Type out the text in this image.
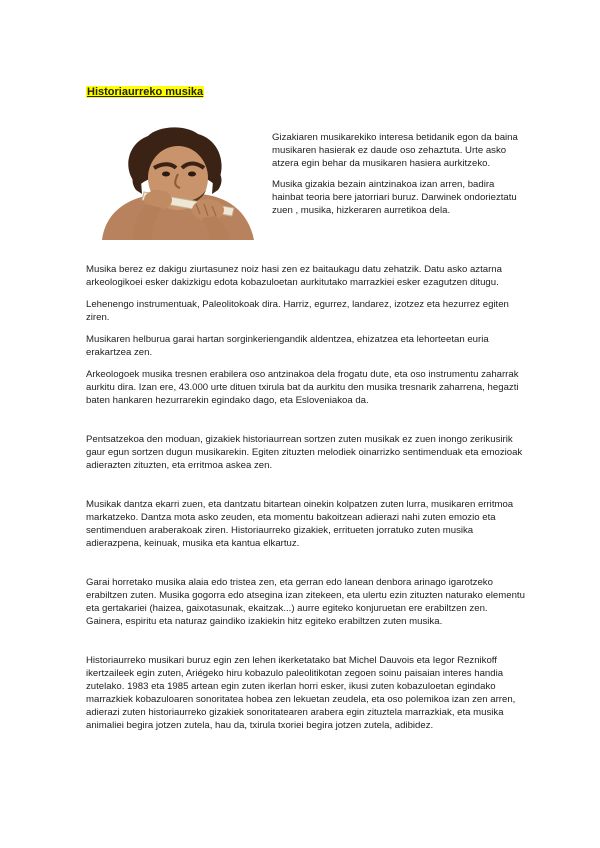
Historiaurreko musika

Gizakiaren musikarekiko interesa betidanik egon da baina musikaren hasierak ez daude oso zehaztuta. Urte asko atzera egin behar da musikaren hasiera aurkitzeko.

Musika gizakia bezain aintzinakoa izan arren, badira hainbat teoria bere jatorriari buruz. Darwinek ondorieztatu zuen , musika, hizkeraren aurretikoa dela.

Musika berez ez dakigu ziurtasunez noiz hasi zen ez baitaukagu datu zehatzik. Datu asko aztarna arkeologikoei esker dakizkigu edota kobazuloetan aurkitutako marrazkiei esker ezagutzen ditugu.

Lehenengo instrumentuak, Paleolitokoak dira. Harriz, egurrez, landarez, izotzez eta hezurrez egiten ziren.

Musikaren helburua garai hartan sorginkeriengandik aldentzea, ehizatzea eta lehorteetan euria erakartzea zen.

Arkeologoek musika tresnen erabilera oso antzinakoa dela frogatu dute, eta oso instrumentu zaharrak aurkitu dira. Izan ere, 43.000 urte dituen txirula bat da aurkitu den musika tresnarik zaharrena, hegazti baten hankaren hezurrarekin egindako dago, eta Esloveniakoa da.

Pentsatzekoa den moduan, gizakiek historiaurrean sortzen zuten musikak ez zuen inongo zerikusirik gaur egun sortzen dugun musikarekin. Egiten zituzten melodiek oinarrizko sentimenduak eta emozioak adierazten zituzten, eta erritmoa askea zen.

Musikak dantza ekarri zuen, eta dantzatu bitartean oinekin kolpatzen zuten lurra, musikaren erritmoa markatzeko. Dantza mota asko zeuden, eta momentu bakoitzean adierazi nahi zuten emozio eta sentimenduen araberakoak ziren. Historiaurreko gizakiek, erritueten jorratuko zuten musika adierazpena, keinuak, musika eta kantua elkartuz.

Garai horretako musika alaia edo tristea zen, eta gerran edo lanean denbora arinago igarotzeko erabiltzen zuten. Musika gogorra edo atsegina izan zitekeen, eta ulertu ezin zituzten naturako elementu eta gertakariei (haizea, gaixotasunak, ekaitzak...) aurre egiteko konjuruetan ere erabiltzen zen. Gainera, espiritu eta naturaz gaindiko izakiekin hitz egiteko erabiltzen zuten musika.

Historiaurreko musikari buruz egin zen lehen ikerketatako bat Michel Dauvois eta Iegor Reznikoff ikertzaileek egin zuten, Ariégeko hiru kobazulo paleolitikotan zegoen soinu paisaian interes handia zutelako. 1983 eta 1985 artean egin zuten ikerlan horri esker, ikusi zuten kobazuloetan egindako marrazkiek kobazuloaren sonoritatea hobea zen lekuetan zeudela, eta oso polemikoa izan zen arren, adierazi zuten historiaurreko gizakiek sonoritatearen arabera egin zituztela marrazkiak, eta musika animaliei begira jotzen zutela, hau da, txirula txoriei begira jotzen zutela, adibidez.
